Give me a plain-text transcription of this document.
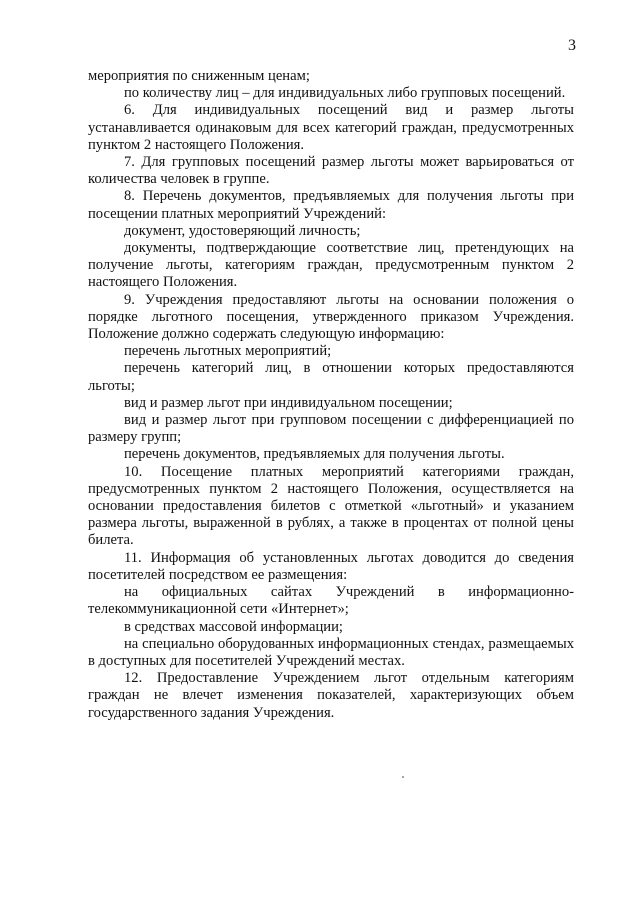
3

мероприятия по сниженным ценам;

по количеству лиц – для индивидуальных либо групповых посещений.

6. Для индивидуальных посещений вид и размер льготы устанавливается одинаковым для всех категорий граждан, предусмотренных пунктом 2 настоящего Положения.

7. Для групповых посещений размер льготы может варьироваться от количества человек в группе.

8. Перечень документов, предъявляемых для получения льготы при посещении платных мероприятий Учреждений:

документ, удостоверяющий личность;

документы, подтверждающие соответствие лиц, претендующих на получение льготы, категориям граждан, предусмотренным пунктом 2 настоящего Положения.

9. Учреждения предоставляют льготы на основании положения о порядке льготного посещения, утвержденного приказом Учреждения. Положение должно содержать следующую информацию:

перечень льготных мероприятий;

перечень категорий лиц, в отношении которых предоставляются льготы;

вид и размер льгот при индивидуальном посещении;

вид и размер льгот при групповом посещении с дифференциацией по размеру групп;

перечень документов, предъявляемых для получения льготы.

10. Посещение платных мероприятий категориями граждан, предусмотренных пунктом 2 настоящего Положения, осуществляется на основании предоставления билетов с отметкой «льготный» и указанием размера льготы, выраженной в рублях, а также в процентах от полной цены билета.

11. Информация об установленных льготах доводится до сведения посетителей посредством ее размещения:

на официальных сайтах Учреждений в информационно-телекоммуникационной сети «Интернет»;

в средствах массовой информации;

на специально оборудованных информационных стендах, размещаемых в доступных для посетителей Учреждений местах.

12. Предоставление Учреждением льгот отдельным категориям граждан не влечет изменения показателей, характеризующих объем государственного задания Учреждения.
